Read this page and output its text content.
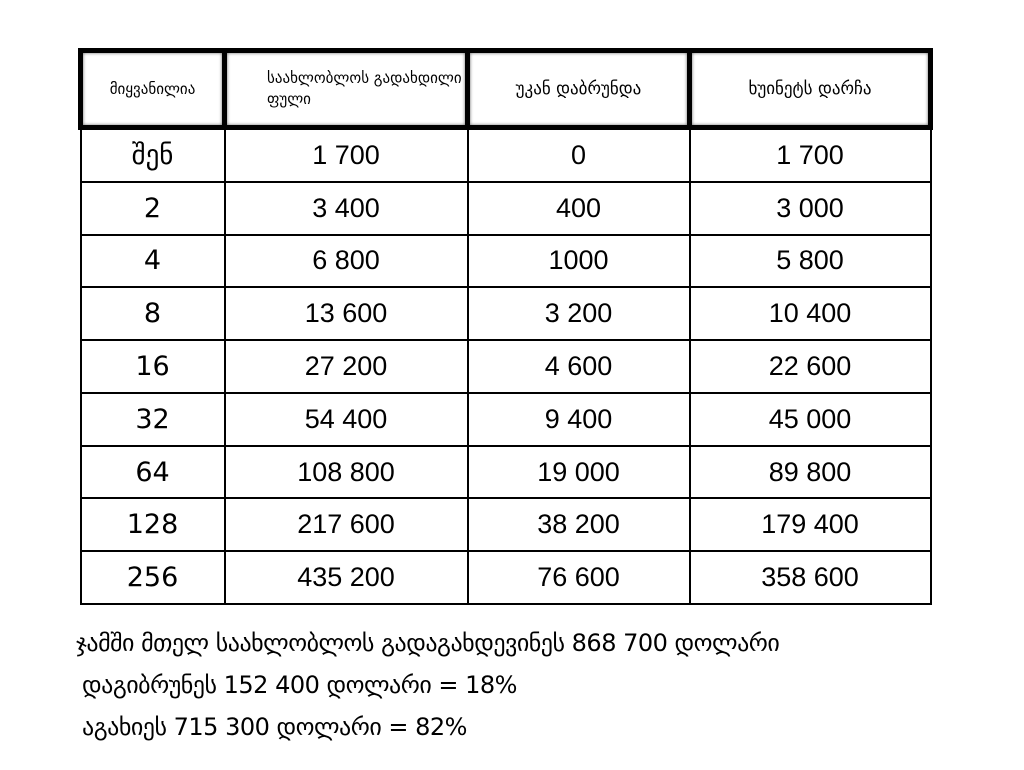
მიყვანილია	საახლობლოს გადახდილი ფული	უკან დაბრუნდა	ხუინეტს დარჩა
შენ	1 700	0	1 700
2	3 400	400	3 000
4	6 800	1000	5 800
8	13 600	3 200	10 400
16	27 200	4 600	22 600
32	54 400	9 400	45 000
64	108 800	19 000	89 800
128	217 600	38 200	179 400
256	435 200	76 600	358 600
ჯამში მთელ საახლობლოს გადაგახდევინეს 868 700 დოლარი
დაგიბრუნეს 152 400 დოლარი = 18%
აგახიეს 715 300 დოლარი = 82%
